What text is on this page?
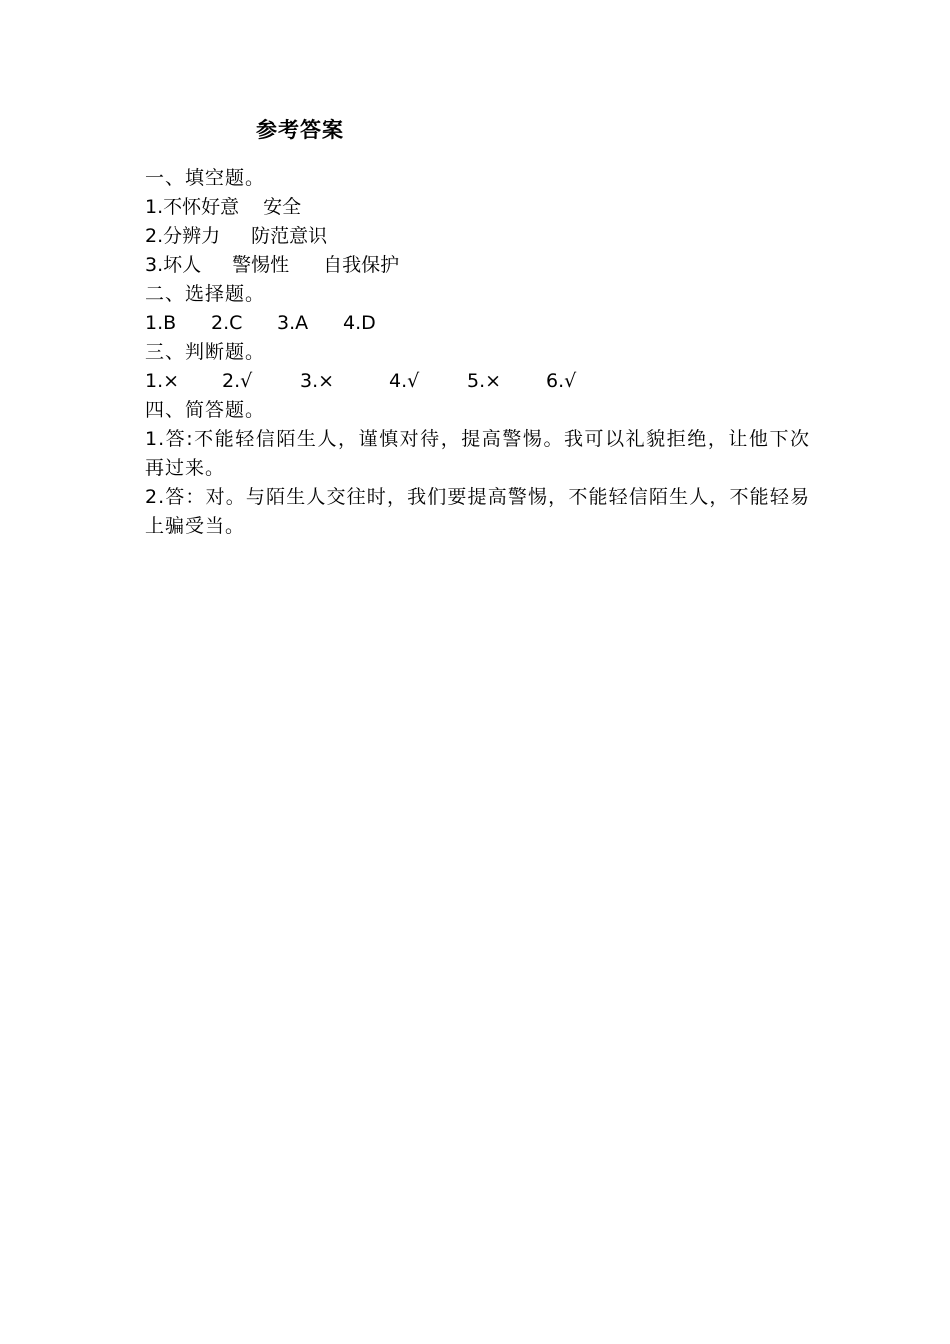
参考答案
一、填空题。
1. 不怀好意	安全
2. 分辨力	防范意识
3. 坏人	警惕性	自我保护
二、选择题。
1.B	2.C	3.A	4.D
三、判断题。
1.×	2.√	3.×	4.√	5.×	6.√
四、简答题。
1.答:不能轻信陌生人，谨慎对待，提高警惕。我可以礼貌拒绝，让他下次再过来。
2.答：对。与陌生人交往时，我们要提高警惕，不能轻信陌生人，不能轻易上骗受当。
